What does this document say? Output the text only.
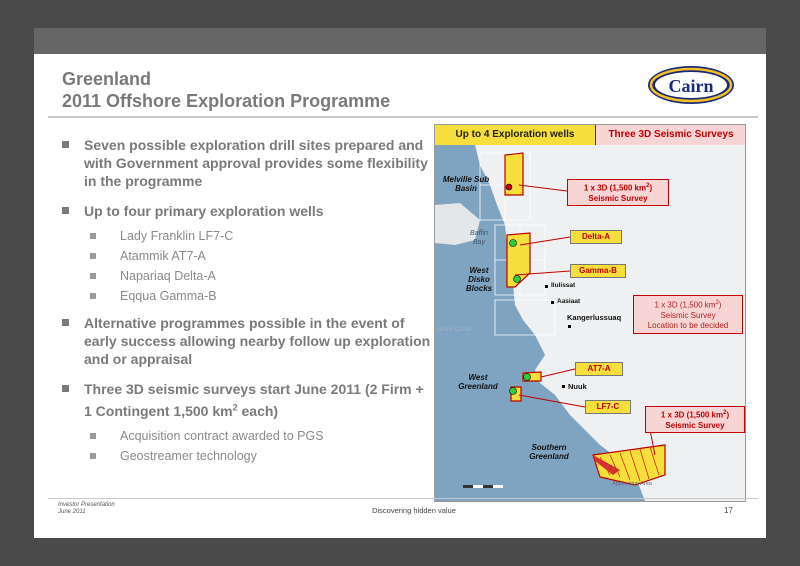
Greenland
2011 Offshore Exploration Programme
Cairn
Seven possible exploration drill sites prepared and with Government approval provides some flexibility in the programme
Up to four primary exploration wells
Lady Franklin LF7-C
Atammik AT7-A
Napariaq Delta-A
Eqqua Gamma-B
Alternative programmes possible in the event of early success allowing nearby follow up exploration and or appraisal
Three 3D seismic surveys start June 2011 (2 Firm + 1 Contingent 1,500 $km^2$ each)
Acquisition contract awarded to PGS
Geostreamer technology
Up to 4 Exploration wells	Three 3D Seismic Surveys
Melville Sub Basin
Baffin Bay
West Disko Blocks
West Greenland
Southern Greenland
Arctic Circle
Application Area
Ilulissat
Aasiaat
Kangerlussuaq
Nuuk
1 x 3D (1,500 $km^2$)
Seismic Survey
Delta-A
Gamma-B
1 x 3D (1,500 $km^2$)
Seismic Survey
Location to be decided
AT7-A
LF7-C
1 x 3D (1,500 $km^2$)
Seismic Survey
Investor Presentation
June 2011	Discovering hidden value	17
